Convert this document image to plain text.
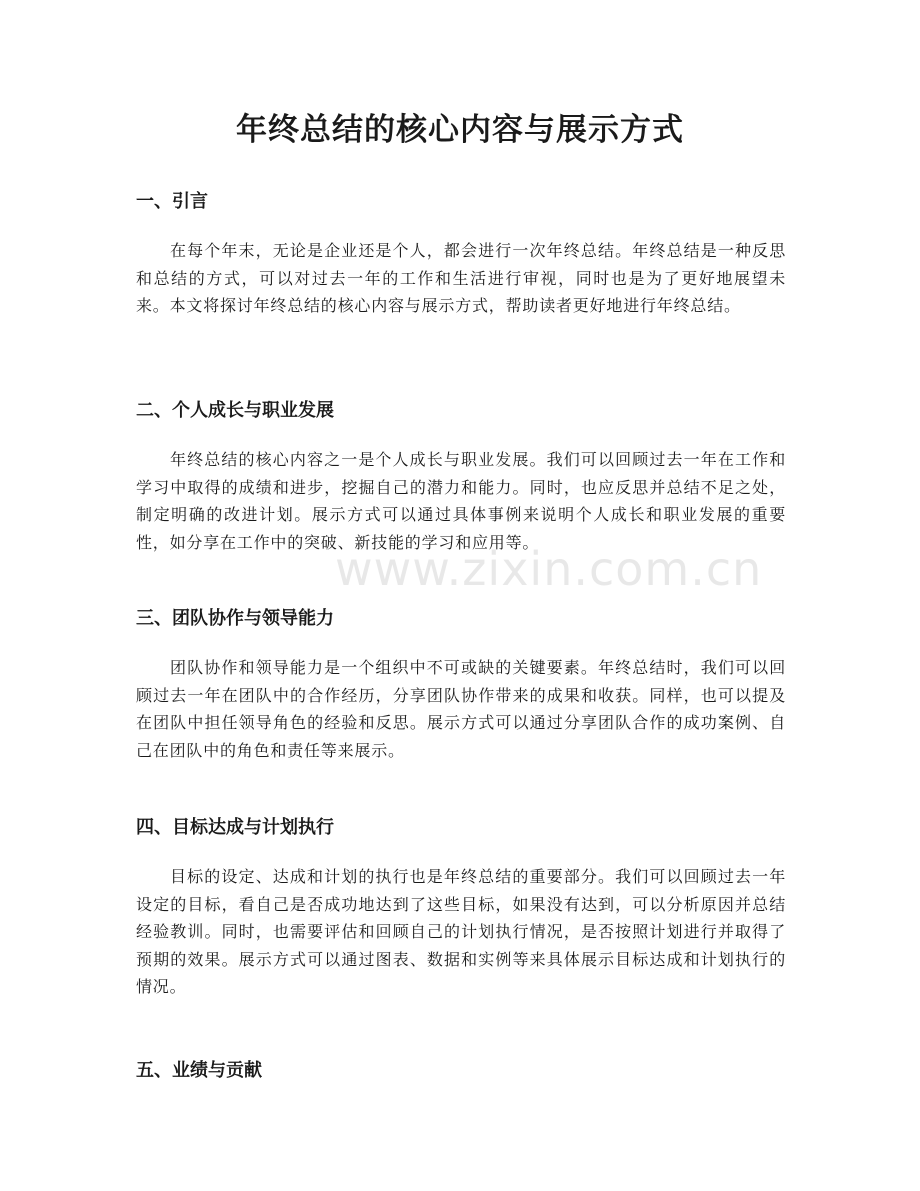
年终总结的核心内容与展示方式
一、引言

在每个年末，无论是企业还是个人，都会进行一次年终总结。年终总结是一种反思和总结的方式，可以对过去一年的工作和生活进行审视，同时也是为了更好地展望未来。本文将探讨年终总结的核心内容与展示方式，帮助读者更好地进行年终总结。

二、个人成长与职业发展

年终总结的核心内容之一是个人成长与职业发展。我们可以回顾过去一年在工作和学习中取得的成绩和进步，挖掘自己的潜力和能力。同时，也应反思并总结不足之处，制定明确的改进计划。展示方式可以通过具体事例来说明个人成长和职业发展的重要性，如分享在工作中的突破、新技能的学习和应用等。

三、团队协作与领导能力

团队协作和领导能力是一个组织中不可或缺的关键要素。年终总结时，我们可以回顾过去一年在团队中的合作经历，分享团队协作带来的成果和收获。同样，也可以提及在团队中担任领导角色的经验和反思。展示方式可以通过分享团队合作的成功案例、自己在团队中的角色和责任等来展示。

四、目标达成与计划执行

目标的设定、达成和计划的执行也是年终总结的重要部分。我们可以回顾过去一年设定的目标，看自己是否成功地达到了这些目标，如果没有达到，可以分析原因并总结经验教训。同时，也需要评估和回顾自己的计划执行情况，是否按照计划进行并取得了预期的效果。展示方式可以通过图表、数据和实例等来具体展示目标达成和计划执行的情况。

五、业绩与贡献
www.zixin.com.cn
